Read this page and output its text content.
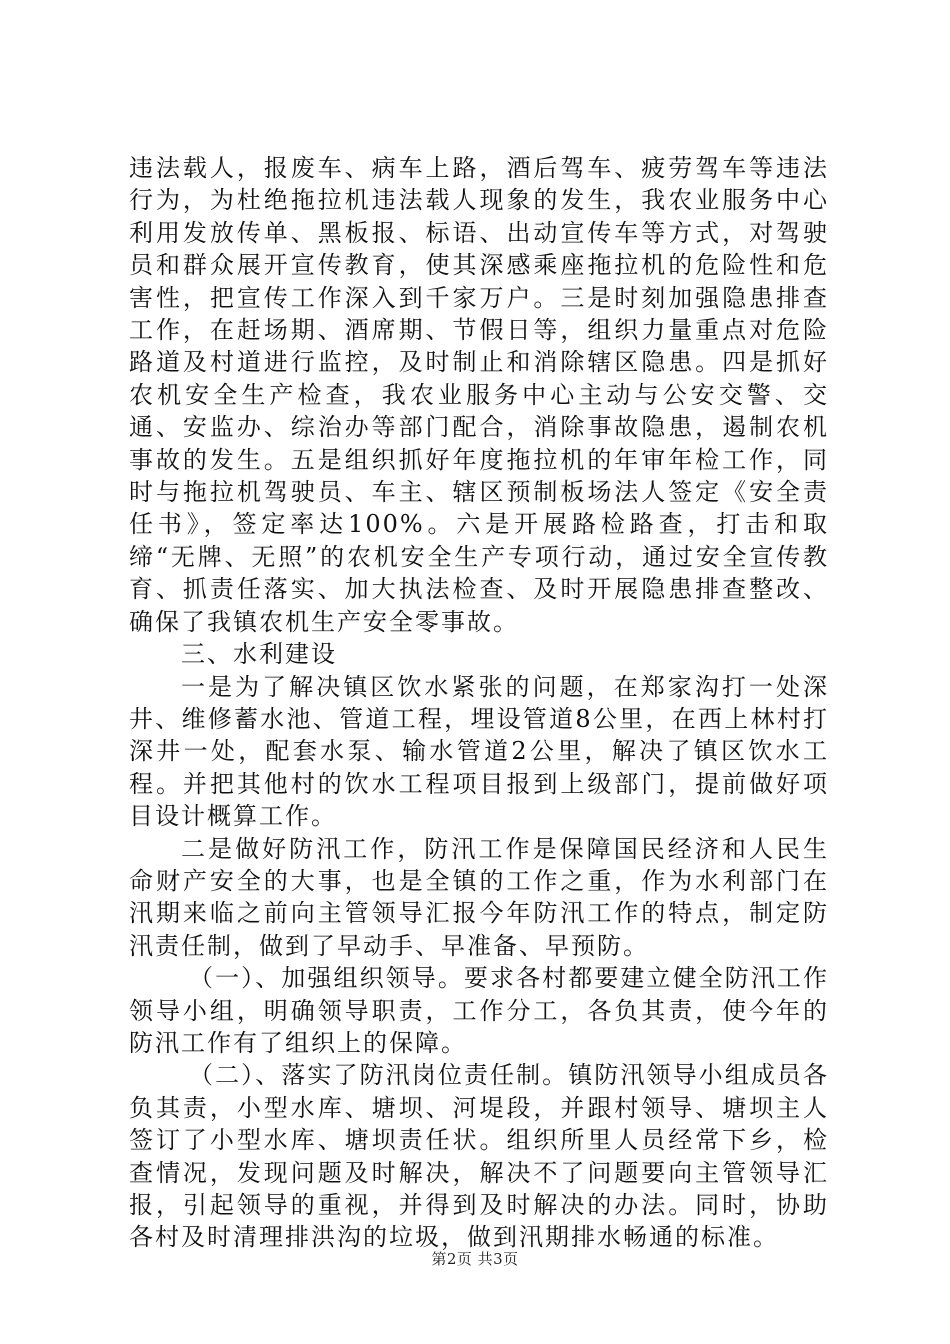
违法载人，报废车、病车上路，酒后驾车、疲劳驾车等违法行为，为杜绝拖拉机违法载人现象的发生，我农业服务中心利用发放传单、黑板报、标语、出动宣传车等方式，对驾驶员和群众展开宣传教育，使其深感乘座拖拉机的危险性和危害性，把宣传工作深入到千家万户。三是时刻加强隐患排查工作，在赶场期、酒席期、节假日等，组织力量重点对危险路道及村道进行监控，及时制止和消除辖区隐患。四是抓好农机安全生产检查，我农业服务中心主动与公安交警、交通、安监办、综治办等部门配合，消除事故隐患，遏制农机事故的发生。五是组织抓好年度拖拉机的年审年检工作，同时与拖拉机驾驶员、车主、辖区预制板场法人签定《安全责任书》，签定率达100%。六是开展路检路查，打击和取缔“无牌、无照”的农机安全生产专项行动，通过安全宣传教育、抓责任落实、加大执法检查、及时开展隐患排查整改、确保了我镇农机生产安全零事故。

三、水利建设

一是为了解决镇区饮水紧张的问题，在郑家沟打一处深井、维修蓄水池、管道工程，埋设管道8公里，在西上林村打深井一处，配套水泵、输水管道2公里，解决了镇区饮水工程。并把其他村的饮水工程项目报到上级部门，提前做好项目设计概算工作。

二是做好防汛工作，防汛工作是保障国民经济和人民生命财产安全的大事，也是全镇的工作之重，作为水利部门在汛期来临之前向主管领导汇报今年防汛工作的特点，制定防汛责任制，做到了早动手、早准备、早预防。

（一）、加强组织领导。要求各村都要建立健全防汛工作领导小组，明确领导职责，工作分工，各负其责，使今年的防汛工作有了组织上的保障。

（二）、落实了防汛岗位责任制。镇防汛领导小组成员各负其责，小型水库、塘坝、河堤段，并跟村领导、塘坝主人签订了小型水库、塘坝责任状。组织所里人员经常下乡，检查情况，发现问题及时解决，解决不了问题要向主管领导汇报，引起领导的重视，并得到及时解决的办法。同时，协助各村及时清理排洪沟的垃圾，做到汛期排水畅通的标准。

第2页 共3页
